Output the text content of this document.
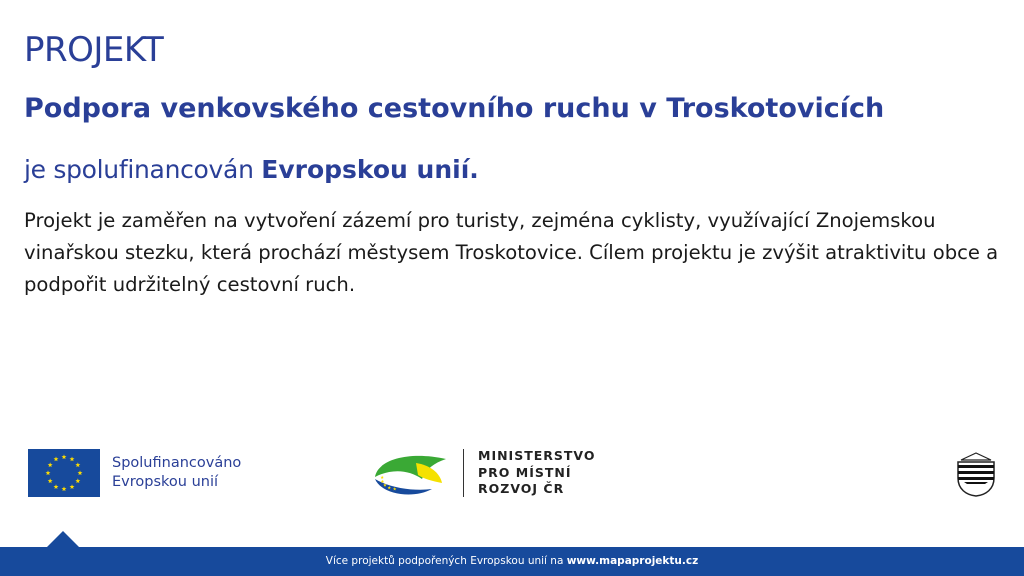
PROJEKT
Podpora venkovského cestovního ruchu v Troskotovicích

je spolufinancován Evropskou unií.

Projekt je zaměřen na vytvoření zázemí pro turisty, zejména cyklisty, využívající Znojemskou vinařskou stezku, která prochází městysem Troskotovice. Cílem projektu je zvýšit atraktivitu obce a podpořit udržitelný cestovní ruch.

Spolufinancováno
Evropskou unií
MINISTERSTVO
PRO MÍSTNÍ
ROZVOJ ČR
Více projektů podpořených Evropskou unií na www.mapaprojektu.cz
